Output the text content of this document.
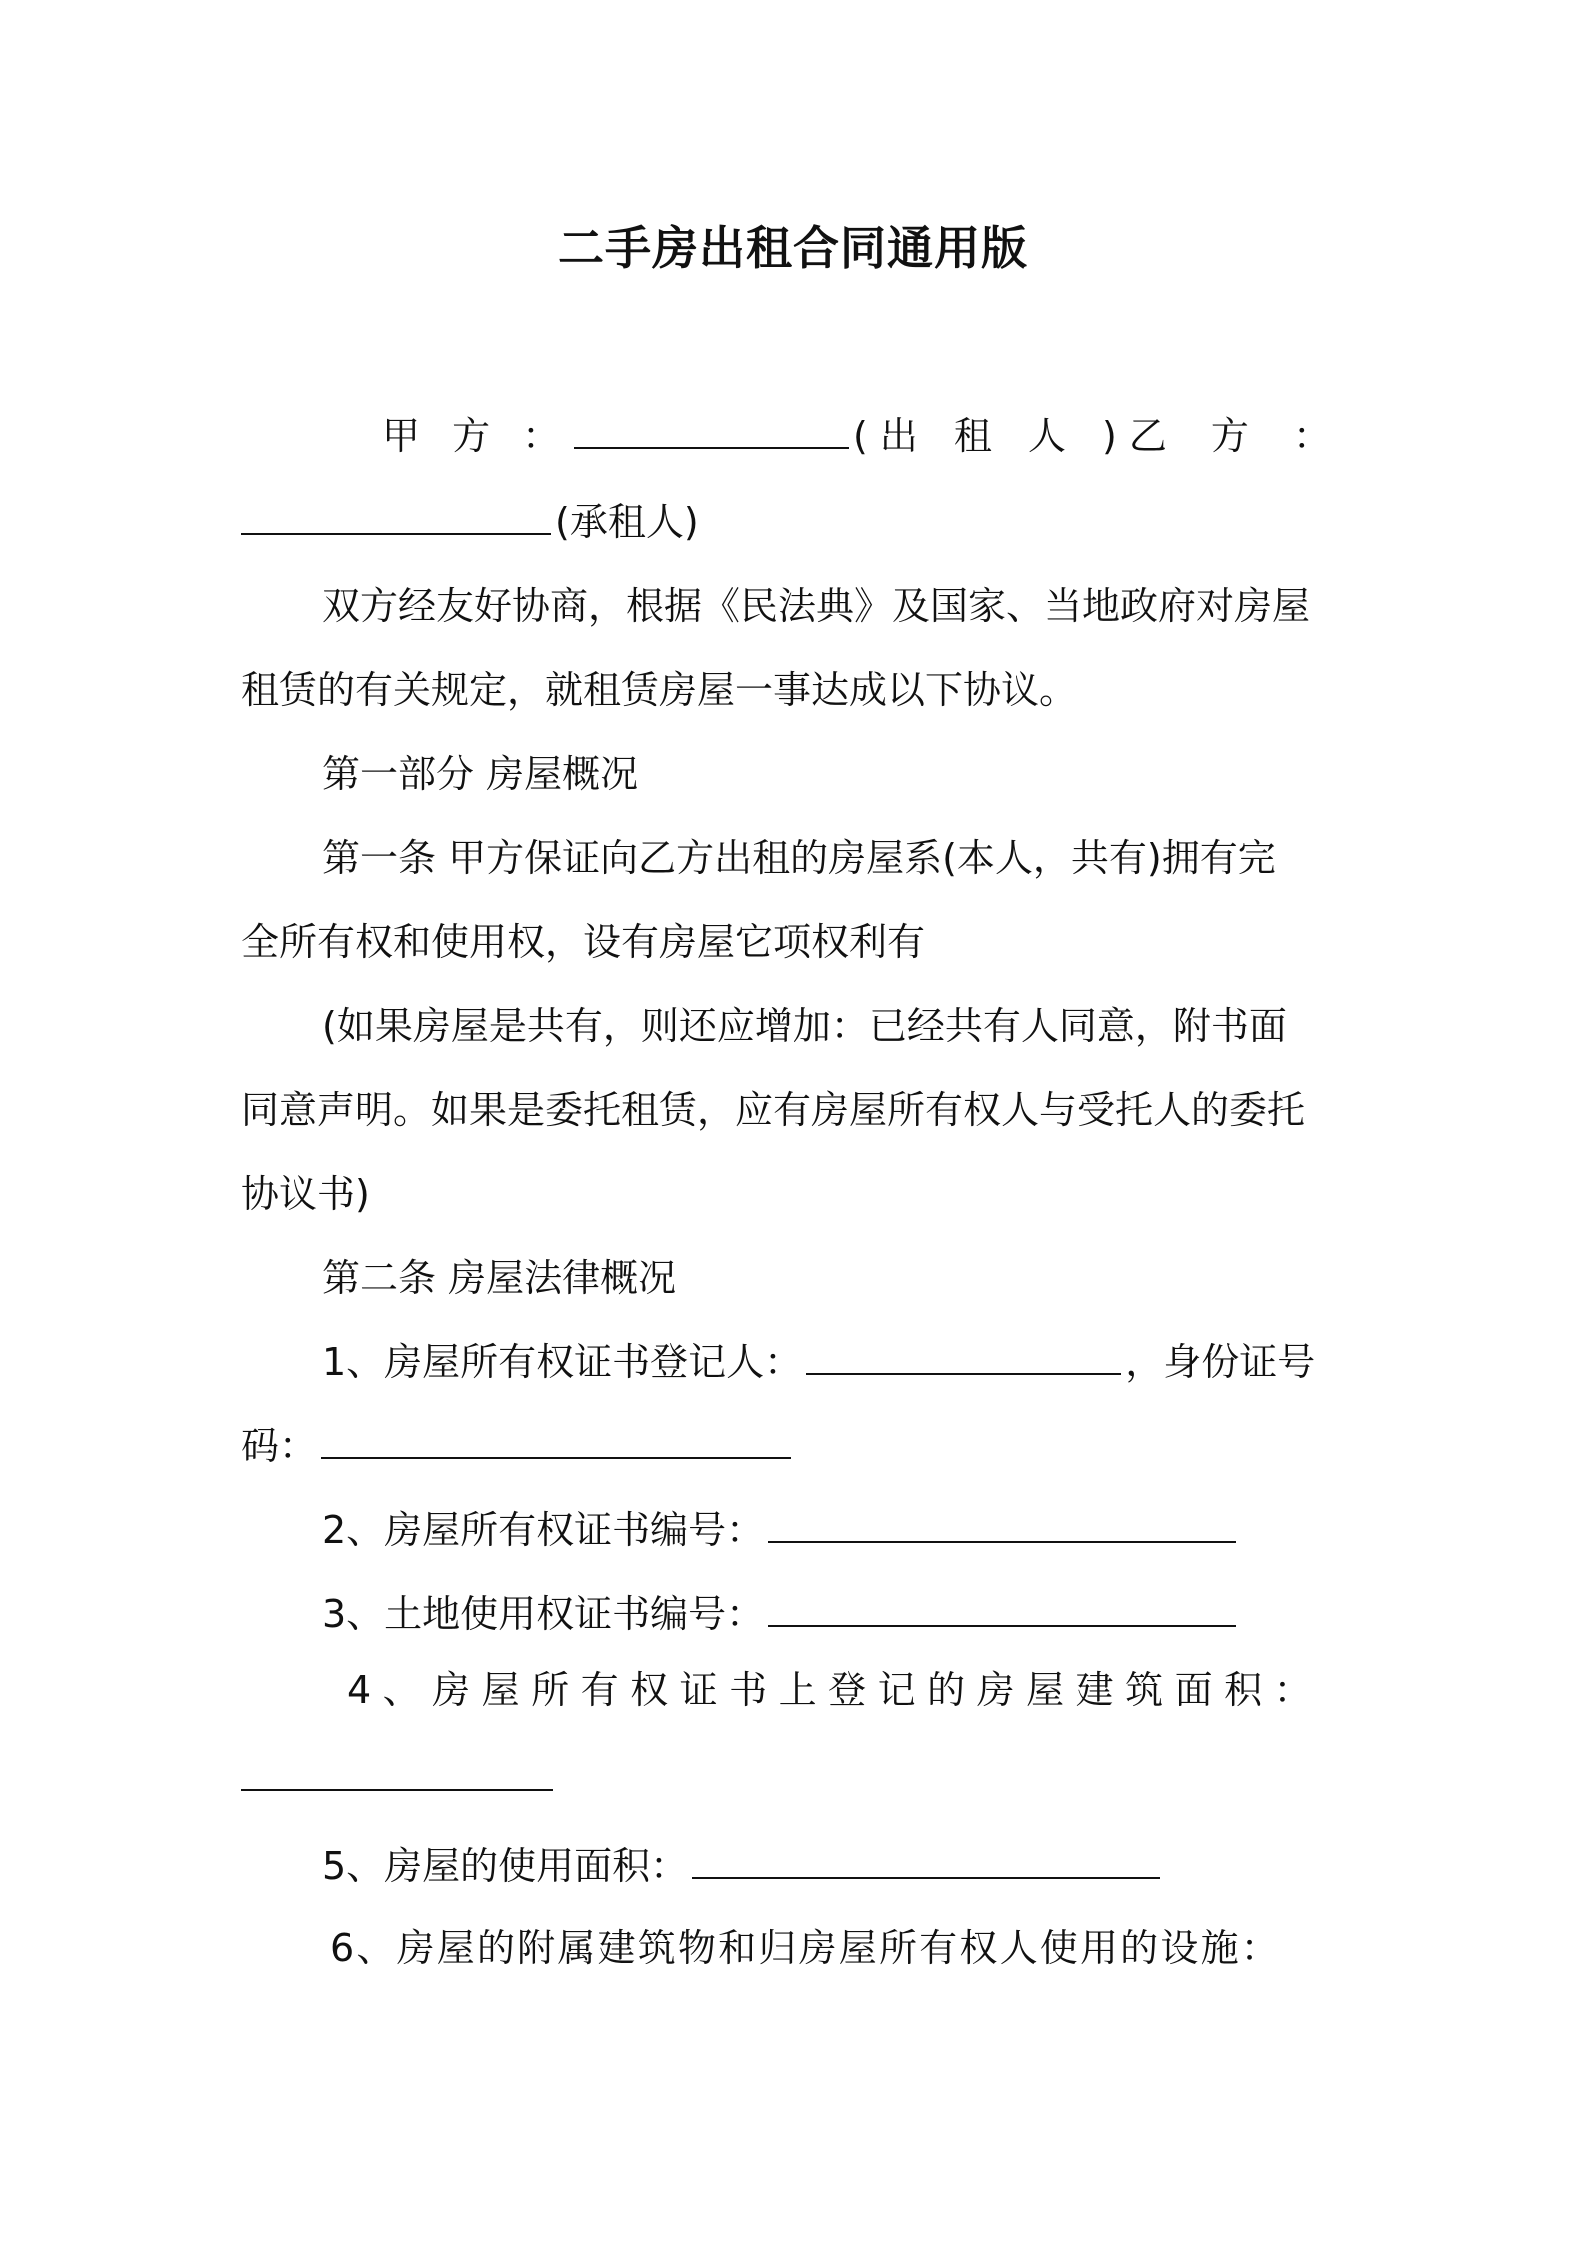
二手房出租合同通用版
甲 方 ：	(出 租 人 ) 乙 方 ：
(承租人)
双方经友好协商，根据《民法典》及国家、当地政府对房屋
租赁的有关规定，就租赁房屋一事达成以下协议。
第一部分 房屋概况
第一条 甲方保证向乙方出租的房屋系(本人，共有)拥有完
全所有权和使用权，设有房屋它项权利有
(如果房屋是共有，则还应增加：已经共有人同意，附书面
同意声明。如果是委托租赁，应有房屋所有权人与受托人的委托
协议书)
第二条 房屋法律概况
1、房屋所有权证书登记人：	，身份证号
码：
2、房屋所有权证书编号：
3、土地使用权证书编号：
4、房屋所有权证书上登记的房屋建筑面积：
5、房屋的使用面积：
6、房屋的附属建筑物和归房屋所有权人使用的设施：
